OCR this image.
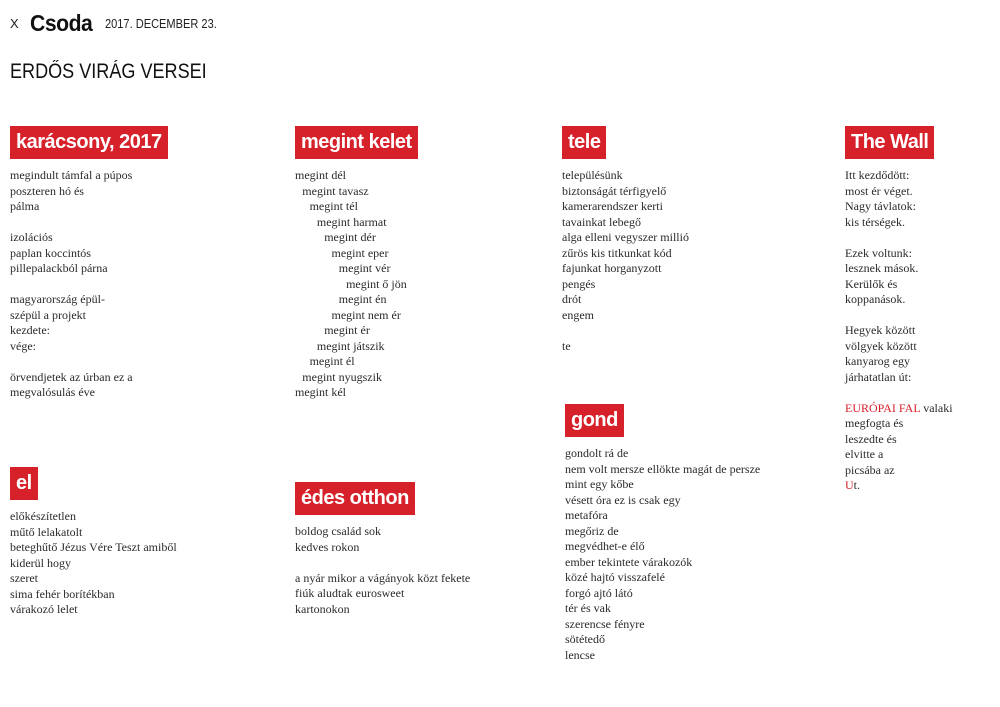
X Csoda 2017. DECEMBER 23.
ERDŐS VIRÁG VERSEI
karácsony, 2017
megindult támfal a púpos
poszteren hó és
pálma
izolációs
paplan koccintós
pillepalackból párna
magyarország épül-
szépül a projekt
kezdete:
vége:
örvendjetek az úrban ez a
megvalósulás éve
megint kelet
megint dél
megint tavasz
megint tél
megint harmat
megint dér
megint eper
megint vér
megint ő jön
megint én
megint nem ér
megint ér
megint játszik
megint él
megint nyugszik
megint kél
tele
településünk
biztonságát térfigyelő
kamerarendszer kerti
tavainkat lebegő
alga elleni vegyszer millió
zűrös kis titkunkat kód
fajunkat horganyzott
pengés
drót
engem
te
The Wall
Itt kezdődött:
most ér véget.
Nagy távlatok:
kis térségek.
Ezek voltunk:
lesznek mások.
Kerülők és
koppanások.
Hegyek között
völgyek között
kanyarog egy
járhatatlan út:
EURÓPAI FAL valaki
megfogta és
leszedte és
elvitte a
picsába az
Ut.
el
előkészítetlen
műtő lelakatolt
beteghűtő Jézus Vére Teszt amiből
kiderül hogy
szeret
sima fehér borítékban
várakozó lelet
édes otthon
boldog család sok
kedves rokon
a nyár mikor a vágányok közt fekete
fiúk aludtak eurosweet
kartonokon
gond
gondolt rá de
nem volt mersze ellökte magát de persze
mint egy kőbe
vésett óra ez is csak egy
metafóra
megőriz de
megvédhet-e élő
ember tekintete várakozók
közé hajtó visszafelé
forgó ajtó látó
tér és vak
szerencse fényre
sötétedő
lencse
